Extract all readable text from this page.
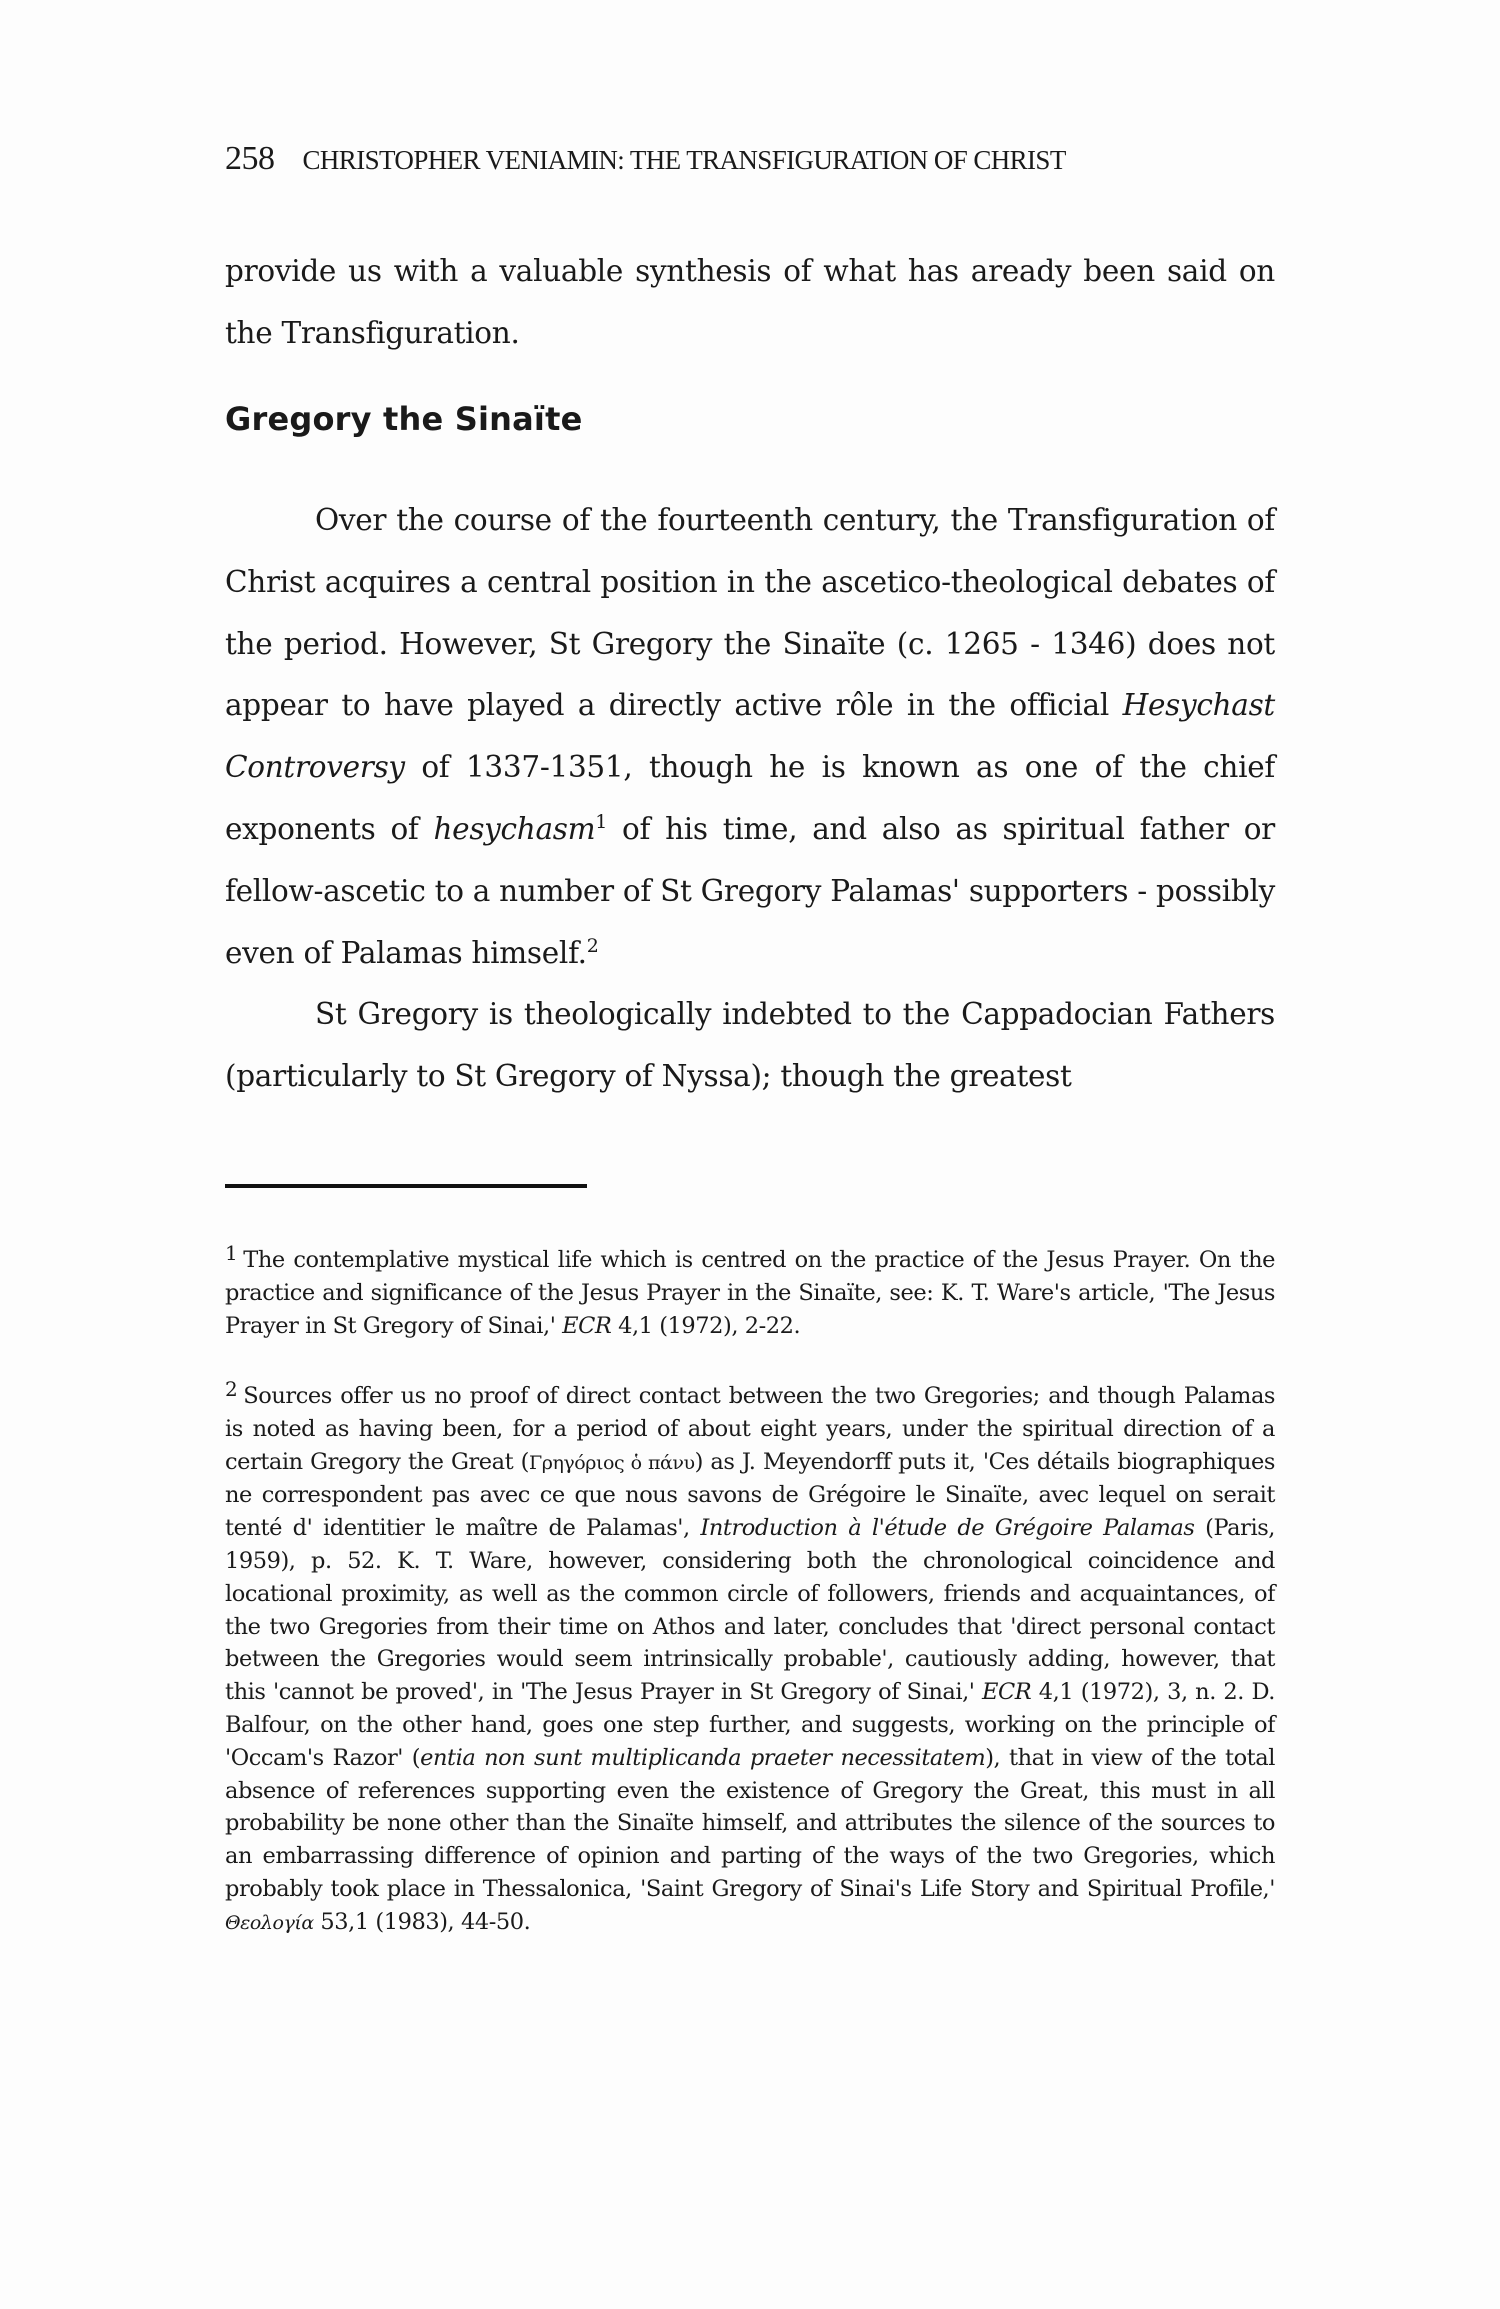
258 CHRISTOPHER VENIAMIN: THE TRANSFIGURATION OF CHRIST

provide us with a valuable synthesis of what has aready been said on the Transfiguration.

Gregory the Sinaïte

Over the course of the fourteenth century, the Transfiguration of Christ acquires a central position in the ascetico-theological debates of the period. However, St Gregory the Sinaïte (c. 1265 - 1346) does not appear to have played a directly active rôle in the official Hesychast Controversy of 1337-1351, though he is known as one of the chief exponents of hesychasm$^1$ of his time, and also as spiritual father or fellow-ascetic to a number of St Gregory Palamas' supporters - possibly even of Palamas himself.$^2$

St Gregory is theologically indebted to the Cappadocian Fathers (particularly to St Gregory of Nyssa); though the greatest

1 The contemplative mystical life which is centred on the practice of the Jesus Prayer. On the practice and significance of the Jesus Prayer in the Sinaïte, see: K. T. Ware's article, 'The Jesus Prayer in St Gregory of Sinai,' ECR 4,1 (1972), 2-22.

2 Sources offer us no proof of direct contact between the two Gregories; and though Palamas is noted as having been, for a period of about eight years, under the spiritual direction of a certain Gregory the Great (Γρηγόριος ὁ πάνυ) as J. Meyendorff puts it, 'Ces détails biographiques ne correspondent pas avec ce que nous savons de Grégoire le Sinaïte, avec lequel on serait tenté d' identitier le maître de Palamas', Introduction à l'étude de Grégoire Palamas (Paris, 1959), p. 52. K. T. Ware, however, considering both the chronological coincidence and locational proximity, as well as the common circle of followers, friends and acquaintances, of the two Gregories from their time on Athos and later, concludes that 'direct personal contact between the Gregories would seem intrinsically probable', cautiously adding, however, that this 'cannot be proved', in 'The Jesus Prayer in St Gregory of Sinai,' ECR 4,1 (1972), 3, n. 2. D. Balfour, on the other hand, goes one step further, and suggests, working on the principle of 'Occam's Razor' (entia non sunt multiplicanda praeter necessitatem), that in view of the total absence of references supporting even the existence of Gregory the Great, this must in all probability be none other than the Sinaïte himself, and attributes the silence of the sources to an embarrassing difference of opinion and parting of the ways of the two Gregories, which probably took place in Thessalonica, 'Saint Gregory of Sinai's Life Story and Spiritual Profile,' Θεολογία 53,1 (1983), 44-50.
